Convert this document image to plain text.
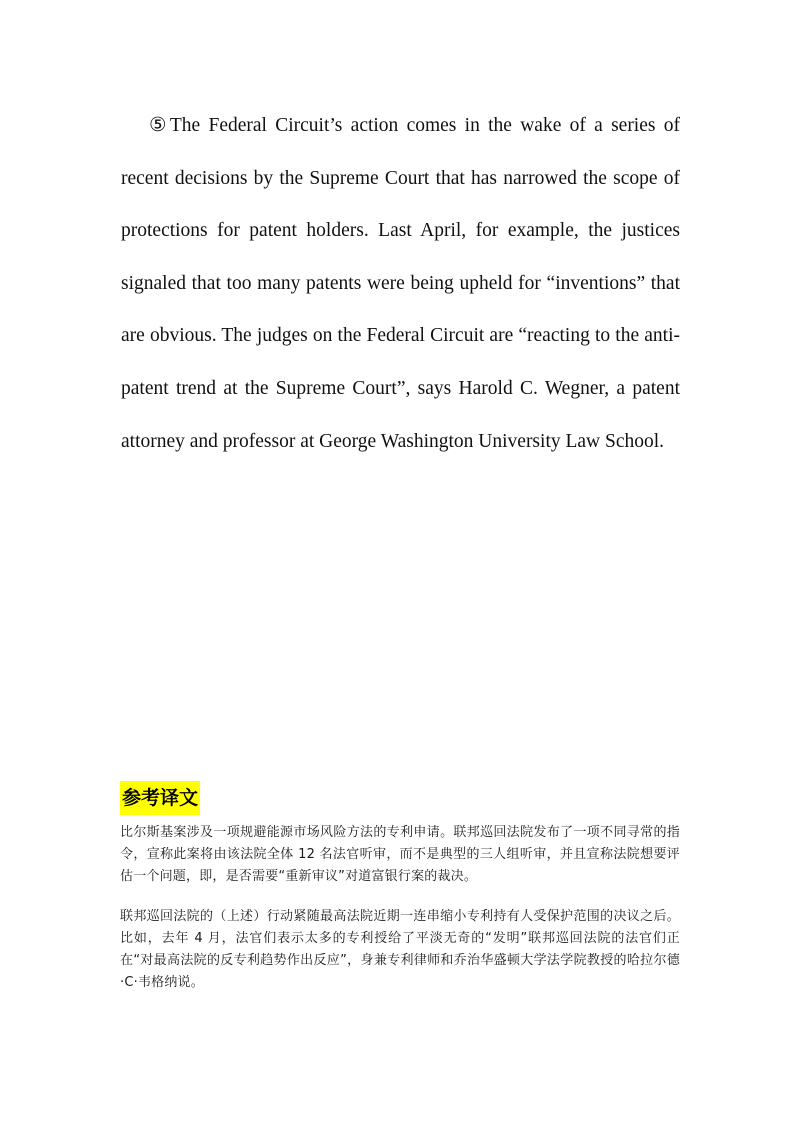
⑤The Federal Circuit’s action comes in the wake of a series of recent decisions by the Supreme Court that has narrowed the scope of protections for patent holders. Last April, for example, the justices signaled that too many patents were being upheld for “inventions” that are obvious. The judges on the Federal Circuit are “reacting to the anti-patent trend at the Supreme Court”, says Harold C. Wegner, a patent attorney and professor at George Washington University Law School.

参考译文

比尔斯基案涉及一项规避能源市场风险方法的专利申请。联邦巡回法院发布了一项不同寻常的指令，宣称此案将由该法院全体 12 名法官听审，而不是典型的三人组听审，并且宣称法院想要评估一个问题，即，是否需要“重新审议”对道富银行案的裁决。

联邦巡回法院的（上述）行动紧随最高法院近期一连串缩小专利持有人受保护范围的决议之后。比如，去年 4 月，法官们表示太多的专利授给了平淡无奇的“发明”联邦巡回法院的法官们正在“对最高法院的反专利趋势作出反应”，身兼专利律师和乔治华盛顿大学法学院教授的哈拉尔德·C·韦格纳说。
